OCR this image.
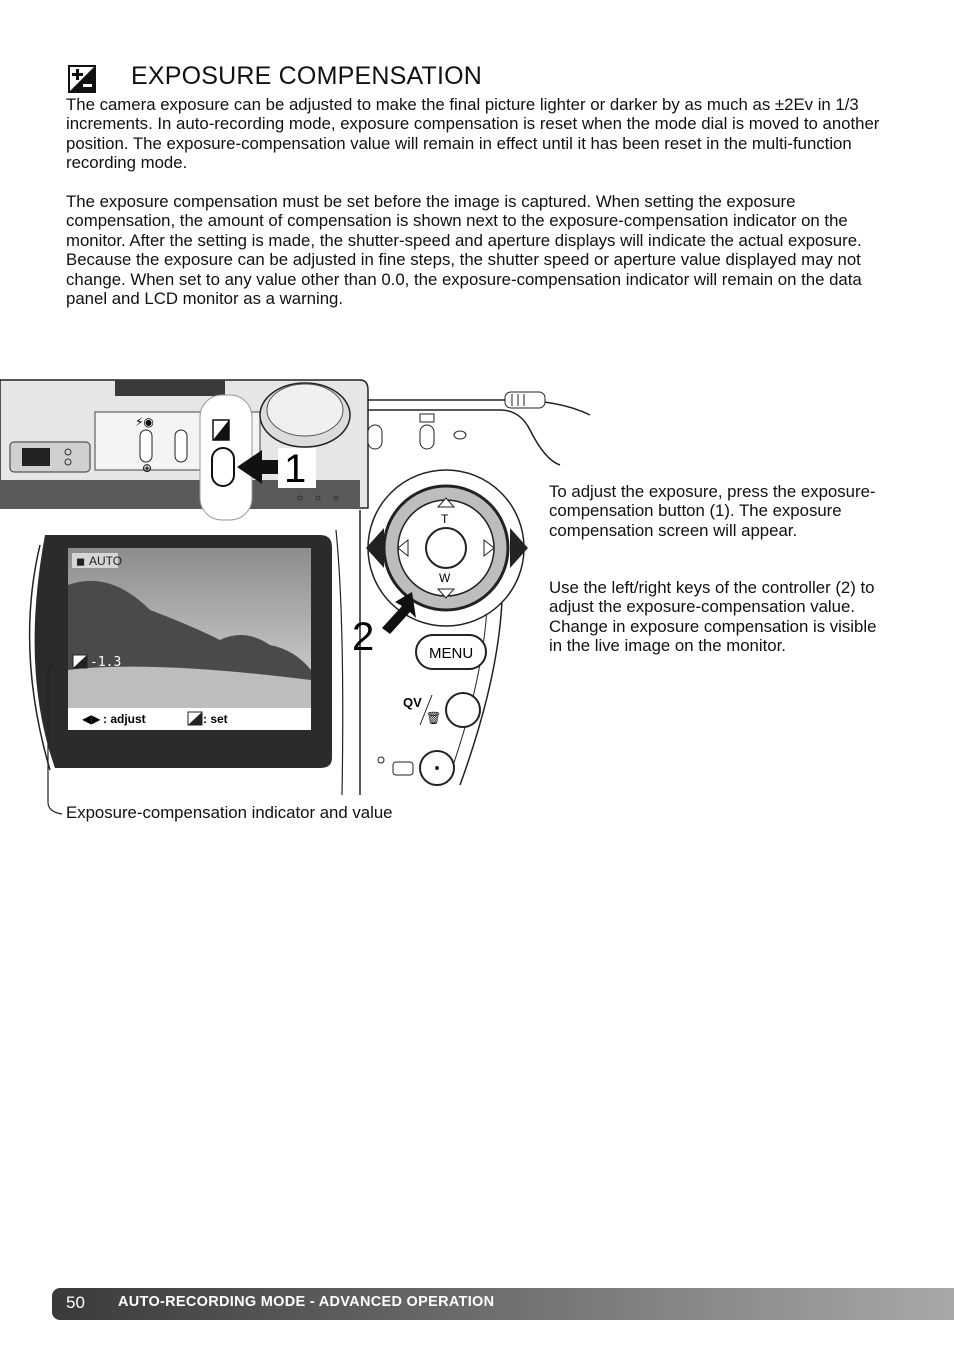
EXPOSURE COMPENSATION

The camera exposure can be adjusted to make the final picture lighter or darker by as much as ±2Ev in 1/3 increments. In auto-recording mode, exposure compensation is reset when the mode dial is moved to another position. The exposure-compensation value will remain in effect until it has been reset in the multi-function recording mode.

The exposure compensation must be set before the image is captured. When setting the exposure compensation, the amount of compensation is shown next to the exposure-compensation indicator on the monitor. After the setting is made, the shutter-speed and aperture displays will indicate the actual exposure. Because the exposure can be adjusted in fine steps, the shutter speed or aperture value displayed may not change. When set to any value other than 0.0, the exposure-compensation indicator will remain on the data panel and LCD monitor as a warning.

⚡◉
⊕	1
◼ AUTO
-1.3
◀▶ : adjust	: set
T
W
2	MENU
QV
🗑

To adjust the exposure, press the exposure-compensation button (1). The exposure compensation screen will appear.

Use the left/right keys of the controller (2) to adjust the exposure-compensation value. Change in exposure compensation is visible in the live image on the monitor.

Exposure-compensation indicator and value
50 AUTO-RECORDING MODE - ADVANCED OPERATION
